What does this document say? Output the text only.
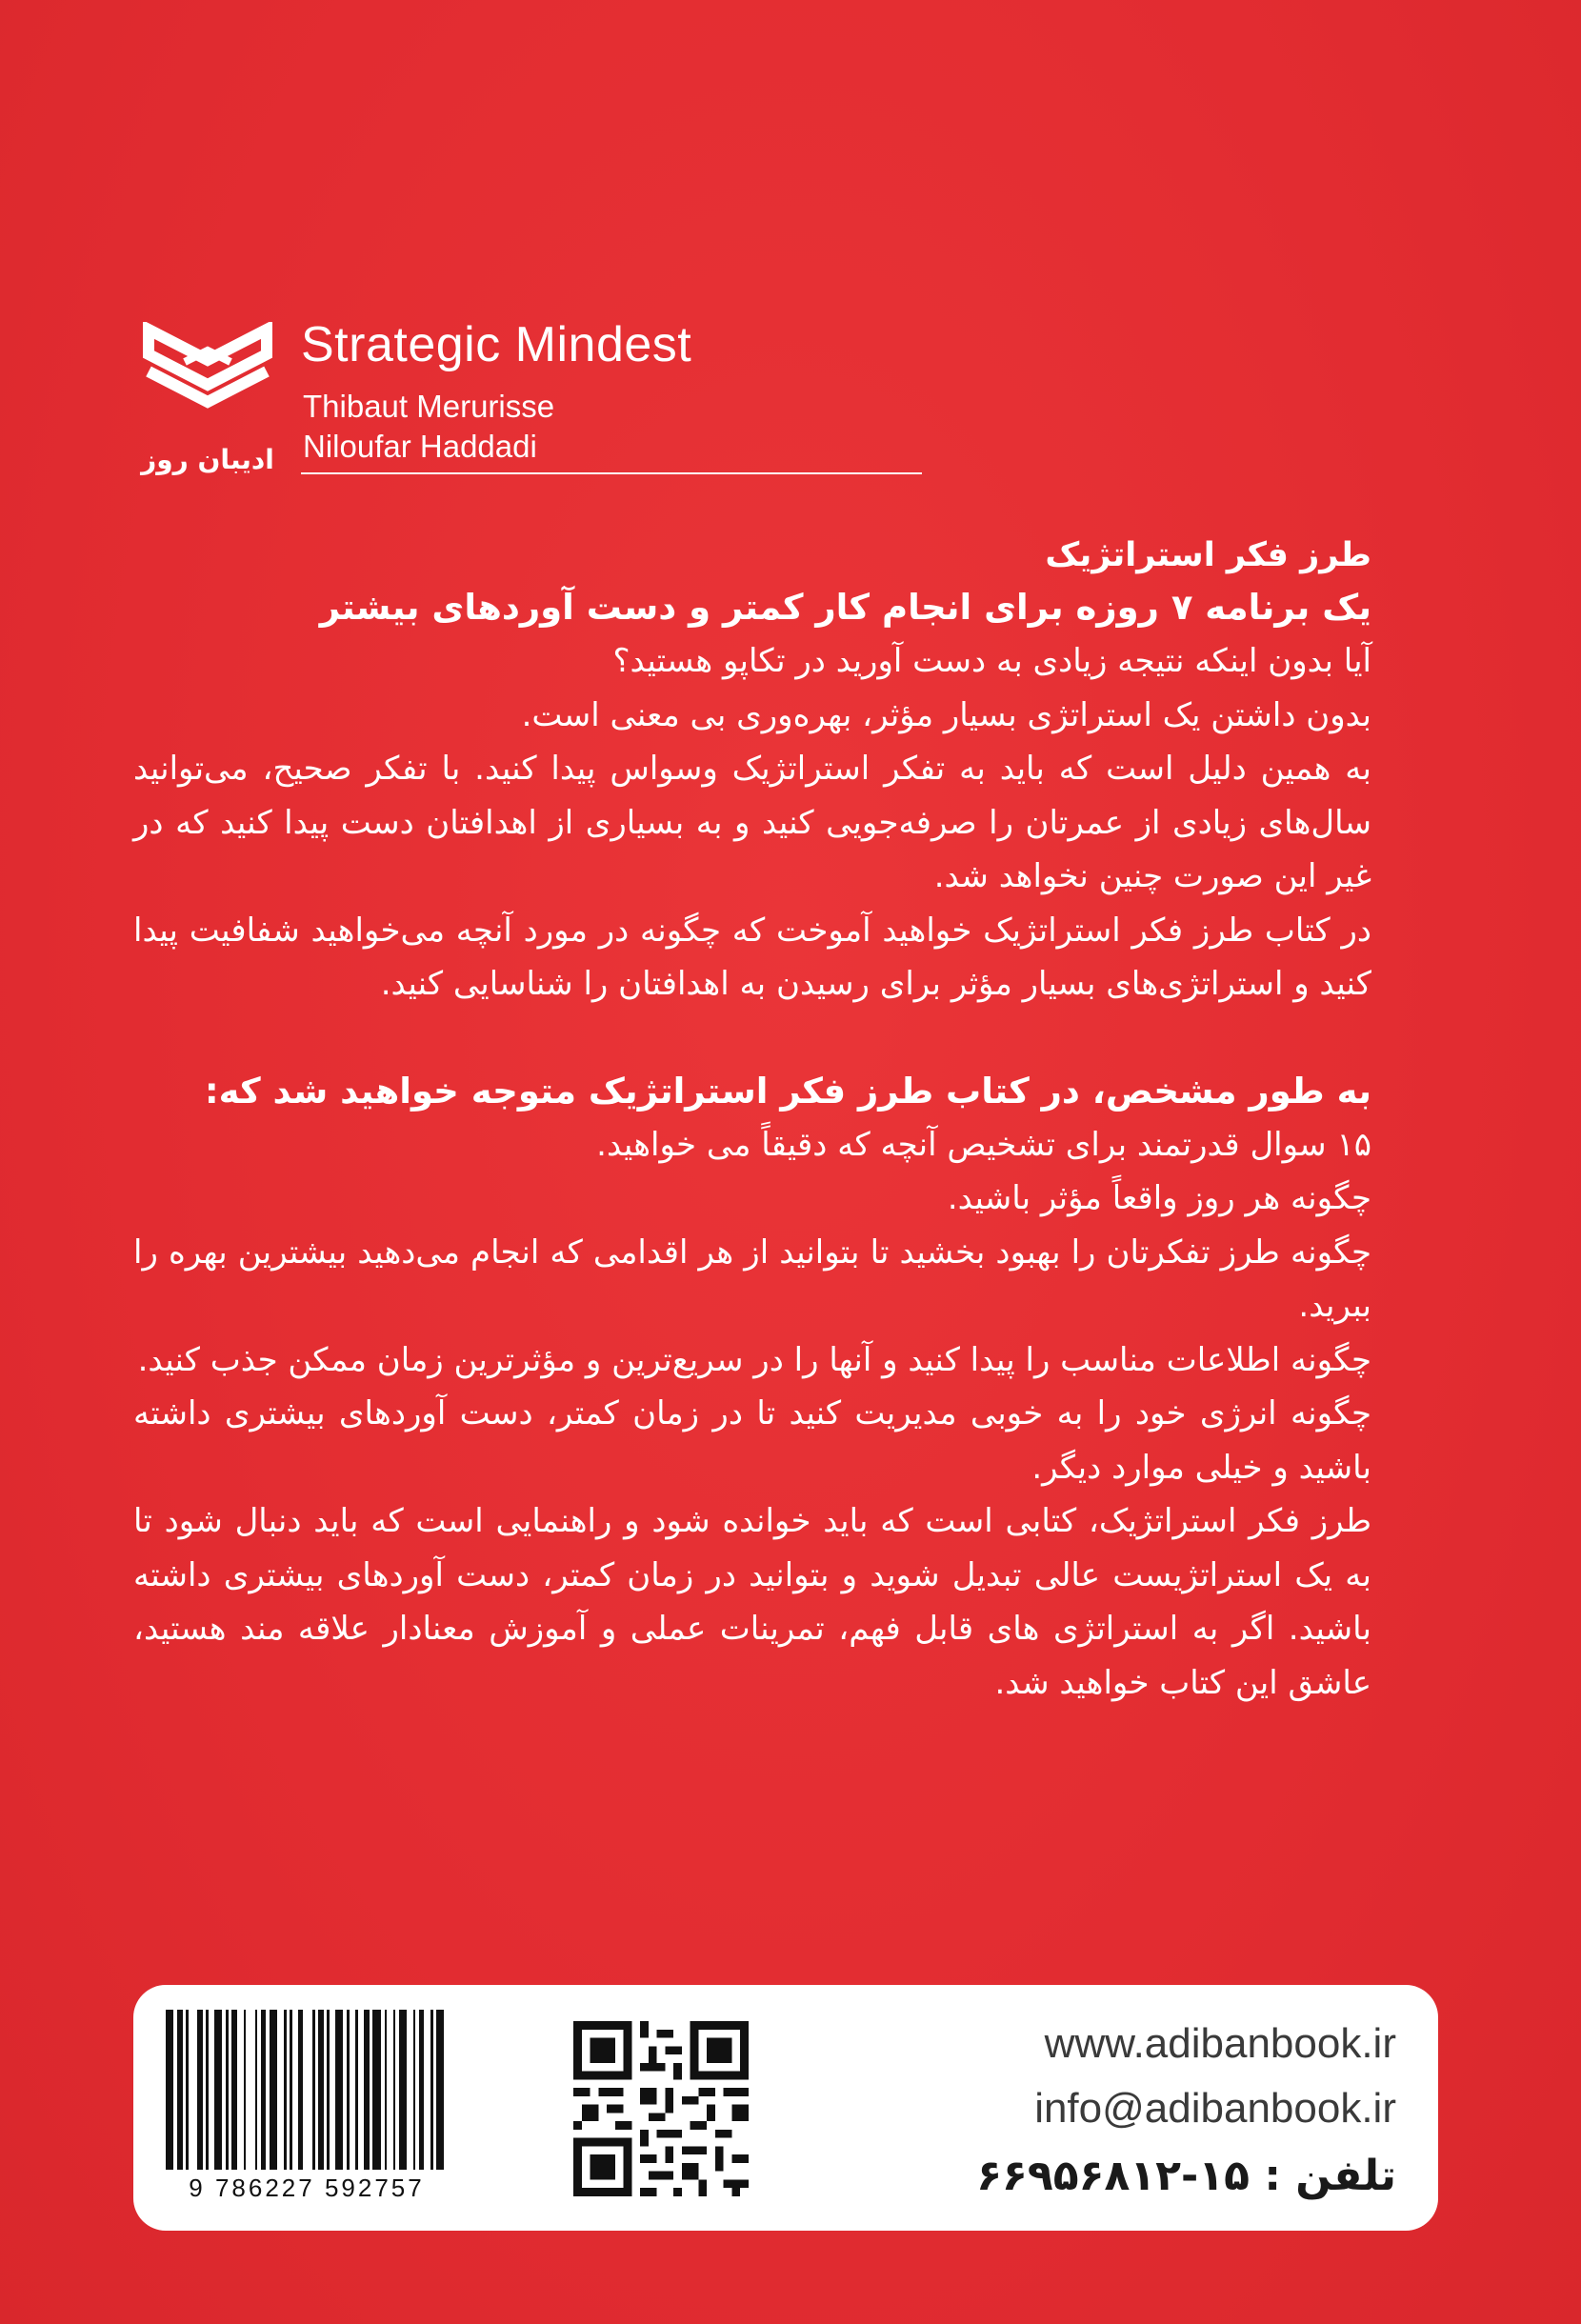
ادیبان روز
Strategic Mindest
Thibaut Merurisse
Niloufar Haddadi

طرز فکر استراتژیک

یک برنامه ۷ روزه برای انجام کار کمتر و دست آوردهای بیشتر

آیا بدون اینکه نتیجه زیادی به دست آورید در تکاپو هستید؟

بدون داشتن یک استراتژی بسیار مؤثر، بهره‌وری بی معنی است.

به همین دلیل است که باید به تفکر استراتژیک وسواس پیدا کنید. با تفکر صحیح، می‌توانید سال‌های زیادی از عمرتان را صرفه‌جویی کنید و به بسیاری از اهدافتان دست پیدا کنید که در غیر این صورت چنین نخواهد شد.

در کتاب طرز فکر استراتژیک خواهید آموخت که چگونه در مورد آنچه می‌خواهید شفافیت پیدا کنید و استراتژی‌های بسیار مؤثر برای رسیدن به اهدافتان را شناسایی کنید.

به طور مشخص، در کتاب طرز فکر استراتژیک متوجه خواهید شد که:

۱۵ سوال قدرتمند برای تشخیص آنچه که دقیقاً می خواهید.

چگونه هر روز واقعاً مؤثر باشید.

چگونه طرز تفکرتان را بهبود بخشید تا بتوانید از هر اقدامی که انجام می‌دهید بیشترین بهره را ببرید.

چگونه اطلاعات مناسب را پیدا کنید و آنها را در سریع‌ترین و مؤثرترین زمان ممکن جذب کنید.

چگونه انرژی خود را به خوبی مدیریت کنید تا در زمان کمتر، دست آوردهای بیشتری داشته باشید و خیلی موارد دیگر.

طرز فکر استراتژیک، کتابی است که باید خوانده شود و راهنمایی است که باید دنبال شود تا به یک استراتژیست عالی تبدیل شوید و بتوانید در زمان کمتر، دست آوردهای بیشتری داشته باشید. اگر به استراتژی های قابل فهم، تمرینات عملی و آموزش معنادار علاقه مند هستید، عاشق این کتاب خواهید شد.

9 786227 592757
www.adibanbook.ir
info@adibanbook.ir
تلفن : ۱۵-۶۶۹۵۶۸۱۲
